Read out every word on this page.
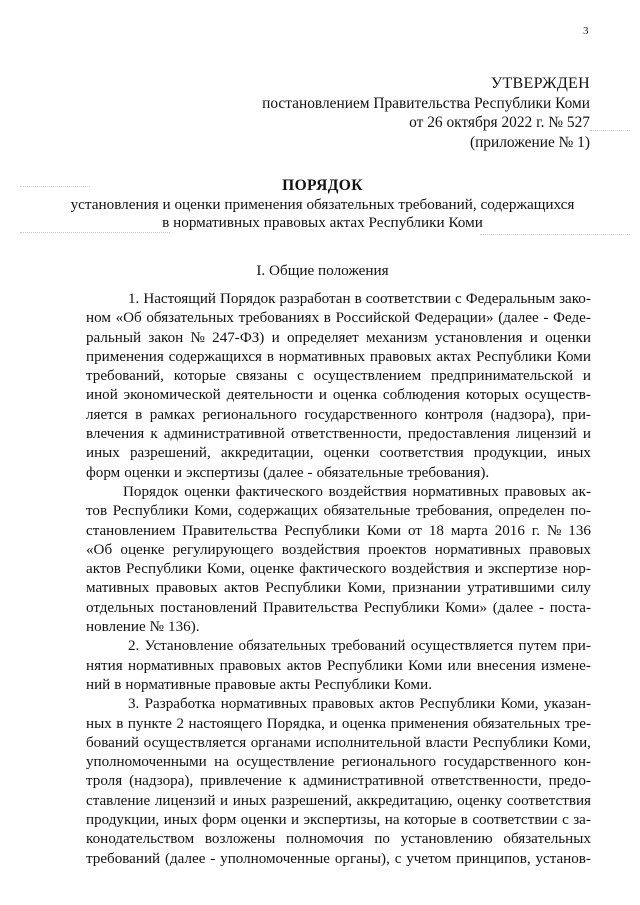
3
УТВЕРЖДЕН
постановлением Правительства Республики Коми
от 26 октября 2022 г. № 527
(приложение № 1)
ПОРЯДОК
установления и оценки применения обязательных требований, содержащихся
в нормативных правовых актах Республики Коми
I. Общие положения
1. Настоящий Порядок разработан в соответствии с Федеральным зако-
ном «Об обязательных требованиях в Российской Федерации» (далее - Феде-
ральный закон № 247-ФЗ) и определяет механизм установления и оценки
применения содержащихся в нормативных правовых актах Республики Коми
требований, которые связаны с осуществлением предпринимательской и
иной экономической деятельности и оценка соблюдения которых осуществ-
ляется в рамках регионального государственного контроля (надзора), при-
влечения к административной ответственности, предоставления лицензий и
иных разрешений, аккредитации, оценки соответствия продукции, иных
форм оценки и экспертизы (далее - обязательные требования).
Порядок оценки фактического воздействия нормативных правовых ак-
тов Республики Коми, содержащих обязательные требования, определен по-
становлением Правительства Республики Коми от 18 марта 2016 г. № 136
«Об оценке регулирующего воздействия проектов нормативных правовых
актов Республики Коми, оценке фактического воздействия и экспертизе нор-
мативных правовых актов Республики Коми, признании утратившими силу
отдельных постановлений Правительства Республики Коми» (далее - поста-
новление № 136).
2. Установление обязательных требований осуществляется путем при-
нятия нормативных правовых актов Республики Коми или внесения измене-
ний в нормативные правовые акты Республики Коми.
3. Разработка нормативных правовых актов Республики Коми, указан-
ных в пункте 2 настоящего Порядка, и оценка применения обязательных тре-
бований осуществляется органами исполнительной власти Республики Коми,
уполномоченными на осуществление регионального государственного кон-
троля (надзора), привлечение к административной ответственности, предо-
ставление лицензий и иных разрешений, аккредитацию, оценку соответствия
продукции, иных форм оценки и экспертизы, на которые в соответствии с за-
конодательством возложены полномочия по установлению обязательных
требований (далее - уполномоченные органы), с учетом принципов, установ-
